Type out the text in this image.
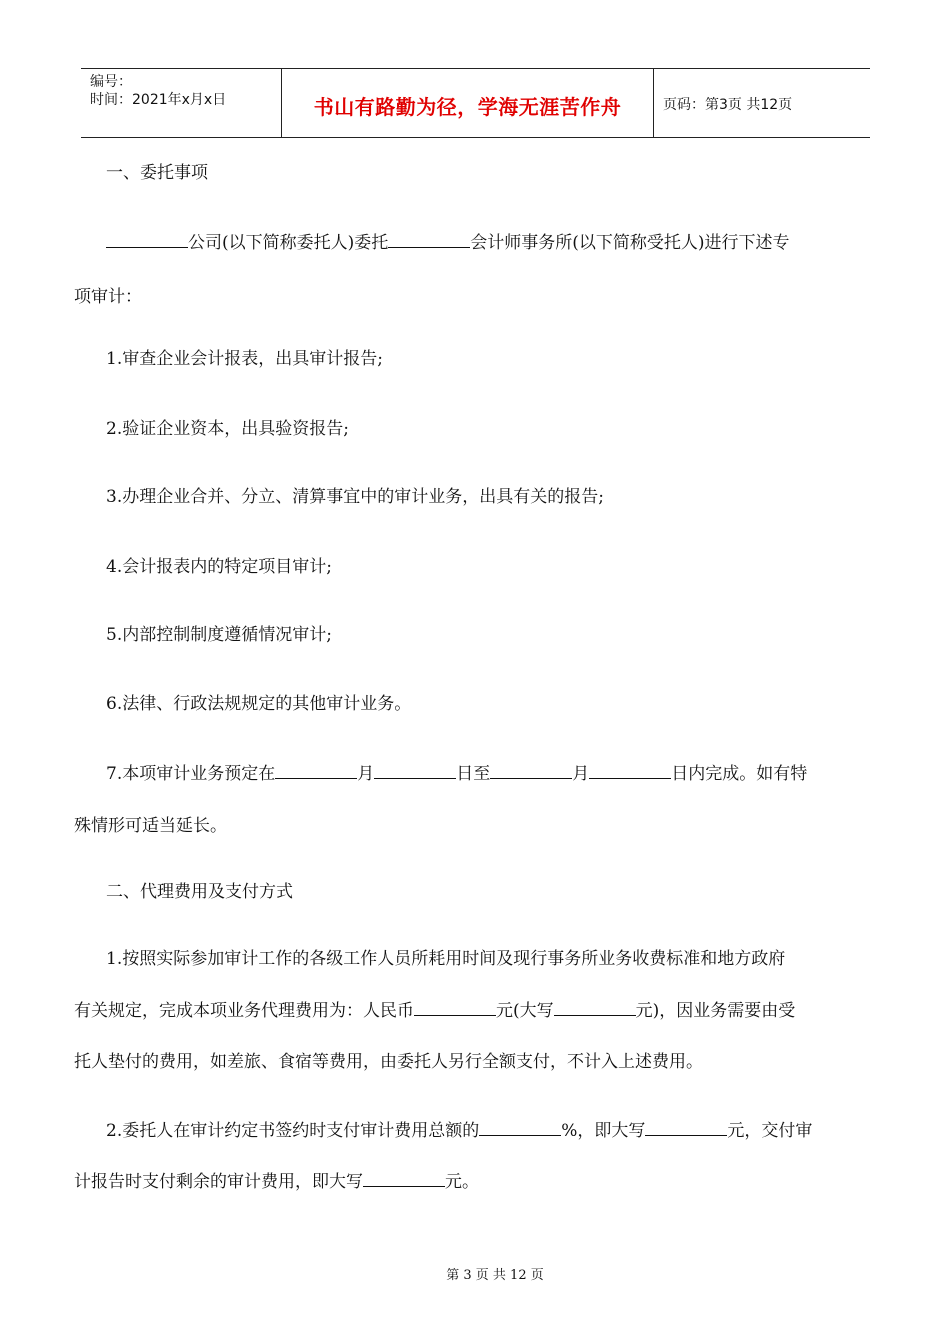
编号：
时间：2021年x月x日	书山有路勤为径，学海无涯苦作舟	页码：第3页 共12页
一、委托事项
公司(以下简称委托人)委托	会计师事务所(以下简称受托人)进行下述专
项审计：
1.审查企业会计报表，出具审计报告;
2.验证企业资本，出具验资报告;
3.办理企业合并、分立、清算事宜中的审计业务，出具有关的报告;
4.会计报表内的特定项目审计;
5.内部控制制度遵循情况审计;
6.法律、行政法规规定的其他审计业务。
7.本项审计业务预定在	月	日至	月	日内完成。如有特
殊情形可适当延长。
二、代理费用及支付方式
1.按照实际参加审计工作的各级工作人员所耗用时间及现行事务所业务收费标准和地方政府
有关规定，完成本项业务代理费用为：人民币	元(大写	元)，因业务需要由受
托人垫付的费用，如差旅、食宿等费用，由委托人另行全额支付，不计入上述费用。
2.委托人在审计约定书签约时支付审计费用总额的	%，即大写	元，交付审
计报告时支付剩余的审计费用，即大写	元。
第 3 页 共 12 页
